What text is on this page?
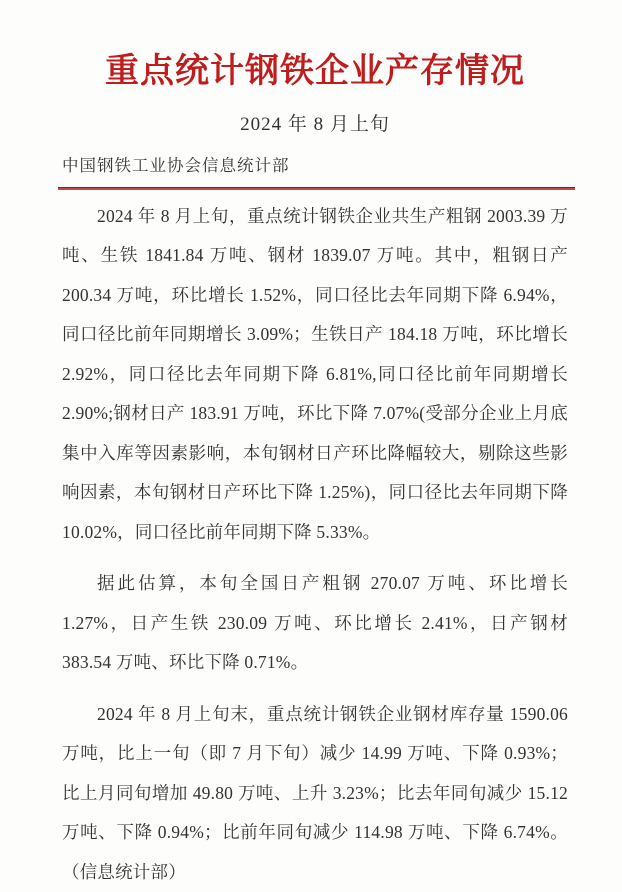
重点统计钢铁企业产存情况
2024 年 8 月上旬
中国钢铁工业协会信息统计部

2024 年 8 月上旬，重点统计钢铁企业共生产粗钢 2003.39 万吨、生铁 1841.84 万吨、钢材 1839.07 万吨。其中，粗钢日产 200.34 万吨，环比增长 1.52%，同口径比去年同期下降 6.94%，同口径比前年同期增长 3.09%；生铁日产 184.18 万吨，环比增长 2.92%，同口径比去年同期下降 6.81%,同口径比前年同期增长 2.90%;钢材日产 183.91 万吨，环比下降 7.07%(受部分企业上月底集中入库等因素影响，本旬钢材日产环比降幅较大，剔除这些影响因素，本旬钢材日产环比下降 1.25%)，同口径比去年同期下降 10.02%，同口径比前年同期下降 5.33%。

据此估算，本旬全国日产粗钢 270.07 万吨、环比增长 1.27%，日产生铁 230.09 万吨、环比增长 2.41%，日产钢材 383.54 万吨、环比下降 0.71%。

2024 年 8 月上旬末，重点统计钢铁企业钢材库存量 1590.06 万吨，比上一旬（即 7 月下旬）减少 14.99 万吨、下降 0.93%；比上月同旬增加 49.80 万吨、上升 3.23%；比去年同旬减少 15.12 万吨、下降 0.94%；比前年同旬减少 114.98 万吨、下降 6.74%。（信息统计部）
